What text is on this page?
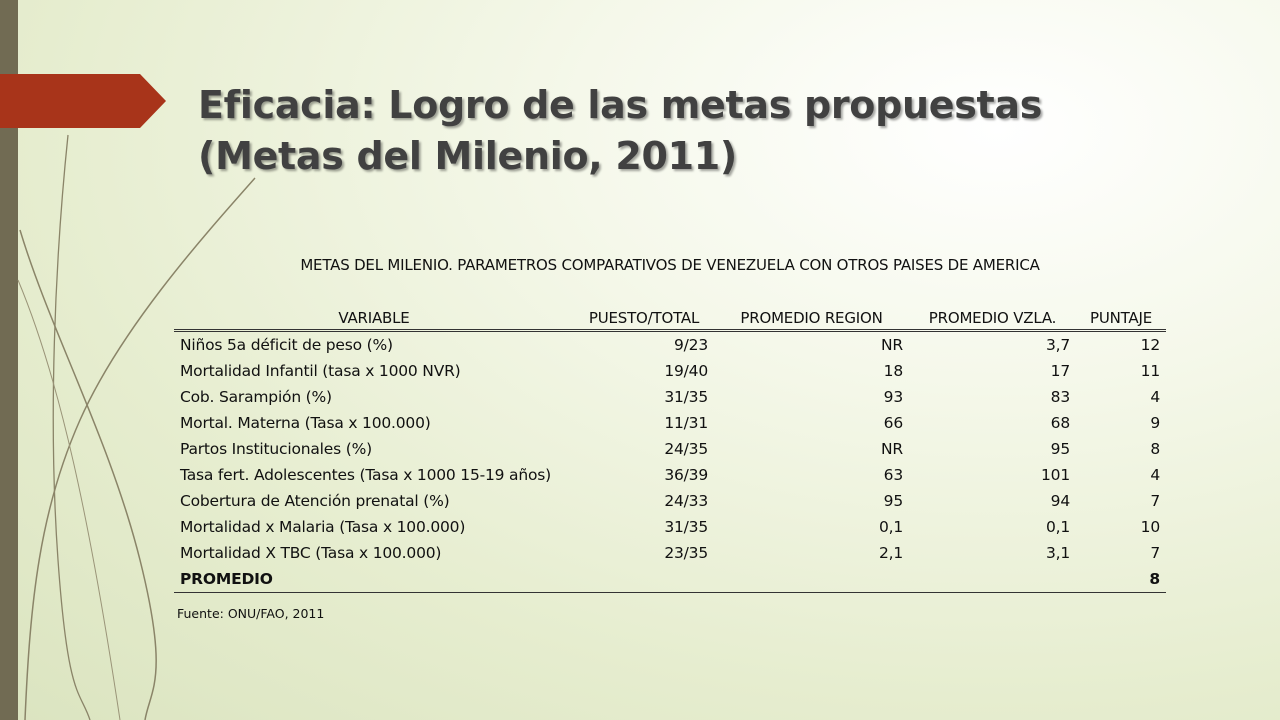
Eficacia: Logro de las metas propuestas
(Metas del Milenio, 2011)
METAS DEL MILENIO. PARAMETROS COMPARATIVOS DE VENEZUELA CON OTROS PAISES DE AMERICA
VARIABLE	PUESTO/TOTAL	PROMEDIO REGION	PROMEDIO VZLA.	PUNTAJE
Niños 5a déficit de peso (%)	9/23	NR	3,7	12
Mortalidad Infantil (tasa x 1000 NVR)	19/40	18	17	11
Cob. Sarampión (%)	31/35	93	83	4
Mortal. Materna (Tasa x 100.000)	11/31	66	68	9
Partos Institucionales (%)	24/35	NR	95	8
Tasa fert. Adolescentes (Tasa x 1000 15-19 años)	36/39	63	101	4
Cobertura de Atención prenatal (%)	24/33	95	94	7
Mortalidad x Malaria (Tasa x 100.000)	31/35	0,1	0,1	10
Mortalidad X TBC (Tasa x 100.000)	23/35	2,1	3,1	7
PROMEDIO				8
Fuente: ONU/FAO, 2011
